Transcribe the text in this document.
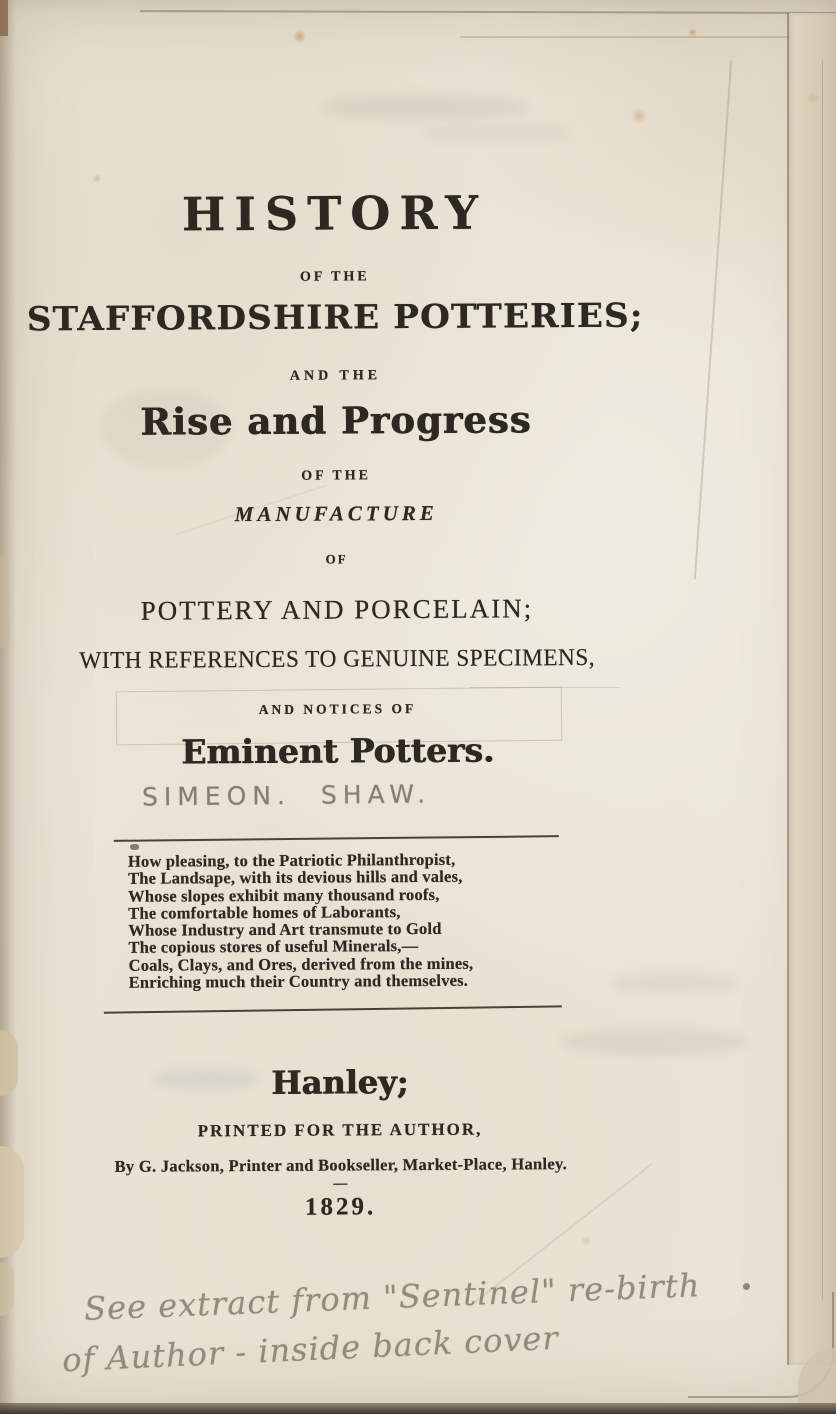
HISTORY
OF THE
STAFFORDSHIRE POTTERIES;
AND THE
Rise and Progress
OF THE
MANUFACTURE
OF
POTTERY AND PORCELAIN;
WITH REFERENCES TO GENUINE SPECIMENS,
AND NOTICES OF
Eminent Potters.
How pleasing, to the Patriotic Philanthropist,
The Landsape, with its devious hills and vales,
Whose slopes exhibit many thousand roofs,
The comfortable homes of Laborants,
Whose Industry and Art transmute to Gold
The copious stores of useful Minerals,—
Coals, Clays, and Ores, derived from the mines,
Enriching much their Country and themselves.
Hanley;
PRINTED FOR THE AUTHOR,
By G. Jackson, Printer and Bookseller, Market-Place, Hanley.
—
1829.
SIMEON. SHAW.
See extract from "Sentinel" re-birth
of Author - inside back cover
